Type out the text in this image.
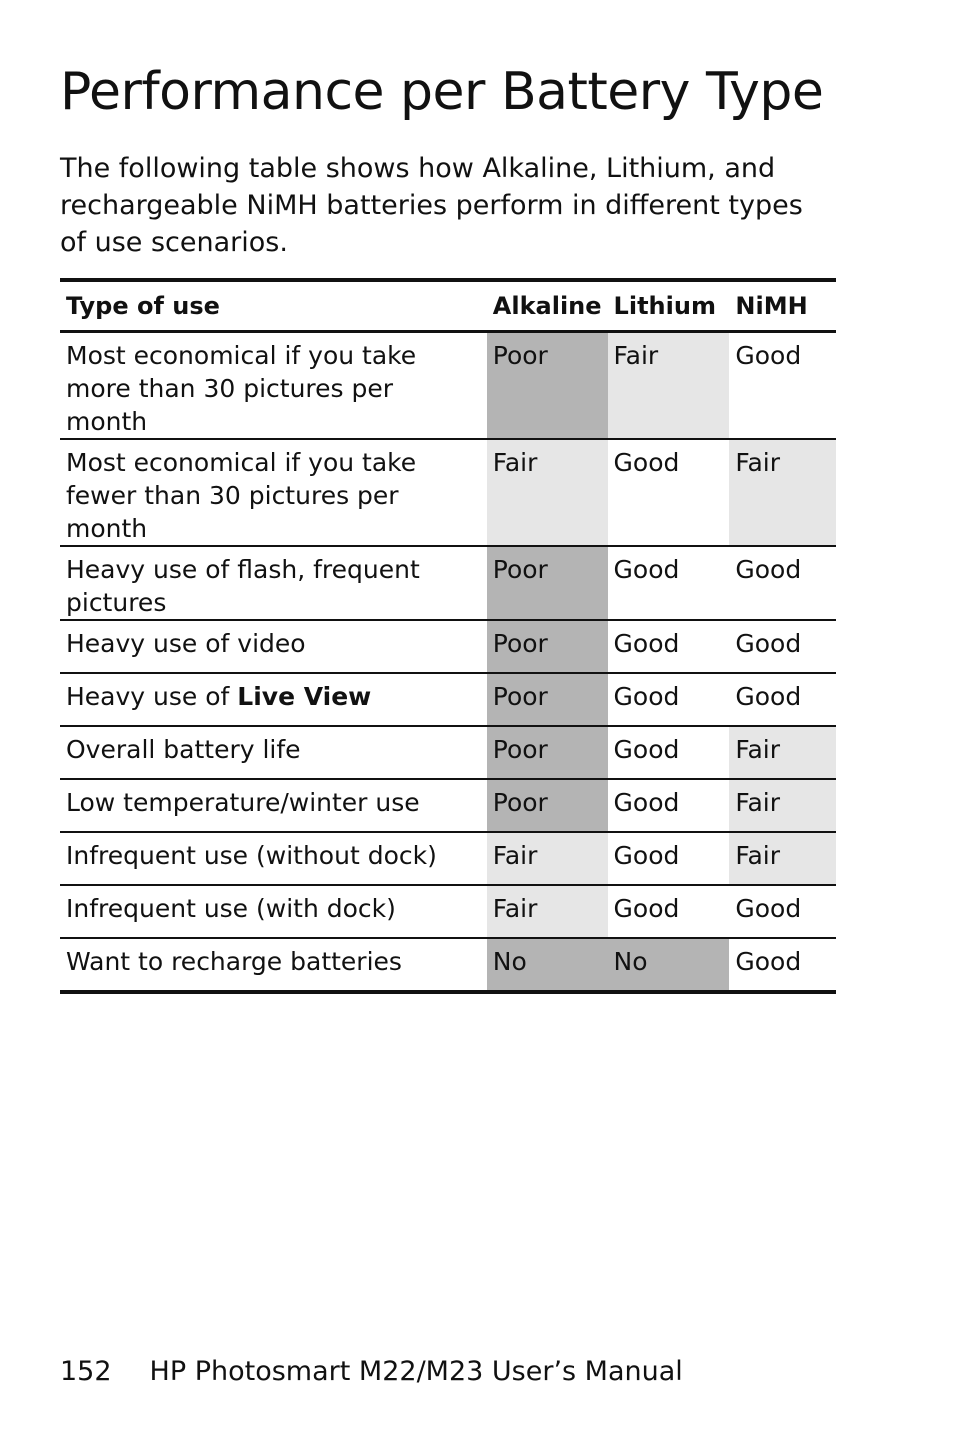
Performance per Battery Type

The following table shows how Alkaline, Lithium, and rechargeable NiMH batteries perform in different types of use scenarios.

Type of use	Alkaline	Lithium	NiMH
Most economical if you take more than 30 pictures per month	Poor	Fair	Good
Most economical if you take fewer than 30 pictures per month	Fair	Good	Fair
Heavy use of flash, frequent pictures	Poor	Good	Good
Heavy use of video	Poor	Good	Good
Heavy use of Live View	Poor	Good	Good
Overall battery life	Poor	Good	Fair
Low temperature/winter use	Poor	Good	Fair
Infrequent use (without dock)	Fair	Good	Fair
Infrequent use (with dock)	Fair	Good	Good
Want to recharge batteries	No	No	Good
152 HP Photosmart M22/M23 User’s Manual
